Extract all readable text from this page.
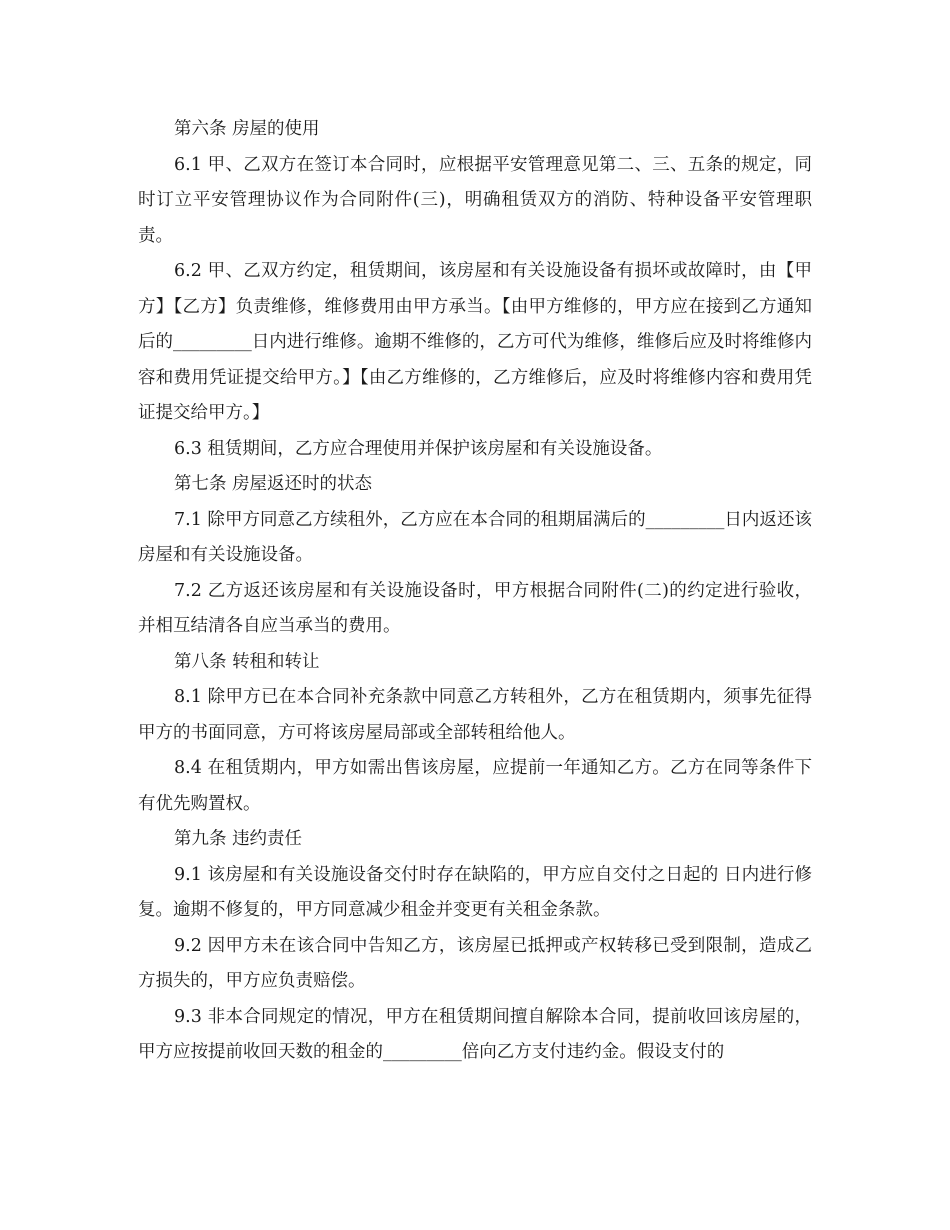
第六条 房屋的使用

6.1 甲、乙双方在签订本合同时，应根据平安管理意见第二、三、五条的规定，同时订立平安管理协议作为合同附件(三)，明确租赁双方的消防、特种设备平安管理职责。

6.2 甲、乙双方约定，租赁期间，该房屋和有关设施设备有损坏或故障时，由【甲方】【乙方】负责维修，维修费用由甲方承当。【由甲方维修的，甲方应在接到乙方通知后的_________日内进行维修。逾期不维修的，乙方可代为维修，维修后应及时将维修内容和费用凭证提交给甲方。】【由乙方维修的，乙方维修后，应及时将维修内容和费用凭证提交给甲方。】

6.3 租赁期间，乙方应合理使用并保护该房屋和有关设施设备。

第七条 房屋返还时的状态

7.1 除甲方同意乙方续租外，乙方应在本合同的租期届满后的_________日内返还该房屋和有关设施设备。

7.2 乙方返还该房屋和有关设施设备时，甲方根据合同附件(二)的约定进行验收，并相互结清各自应当承当的费用。

第八条 转租和转让

8.1 除甲方已在本合同补充条款中同意乙方转租外，乙方在租赁期内，须事先征得甲方的书面同意，方可将该房屋局部或全部转租给他人。

8.4 在租赁期内，甲方如需出售该房屋，应提前一年通知乙方。乙方在同等条件下有优先购置权。

第九条 违约责任

9.1 该房屋和有关设施设备交付时存在缺陷的，甲方应自交付之日起的 日内进行修复。逾期不修复的，甲方同意减少租金并变更有关租金条款。

9.2 因甲方未在该合同中告知乙方，该房屋已抵押或产权转移已受到限制，造成乙方损失的，甲方应负责赔偿。

9.3 非本合同规定的情况，甲方在租赁期间擅自解除本合同，提前收回该房屋的，甲方应按提前收回天数的租金的_________倍向乙方支付违约金。假设支付的
